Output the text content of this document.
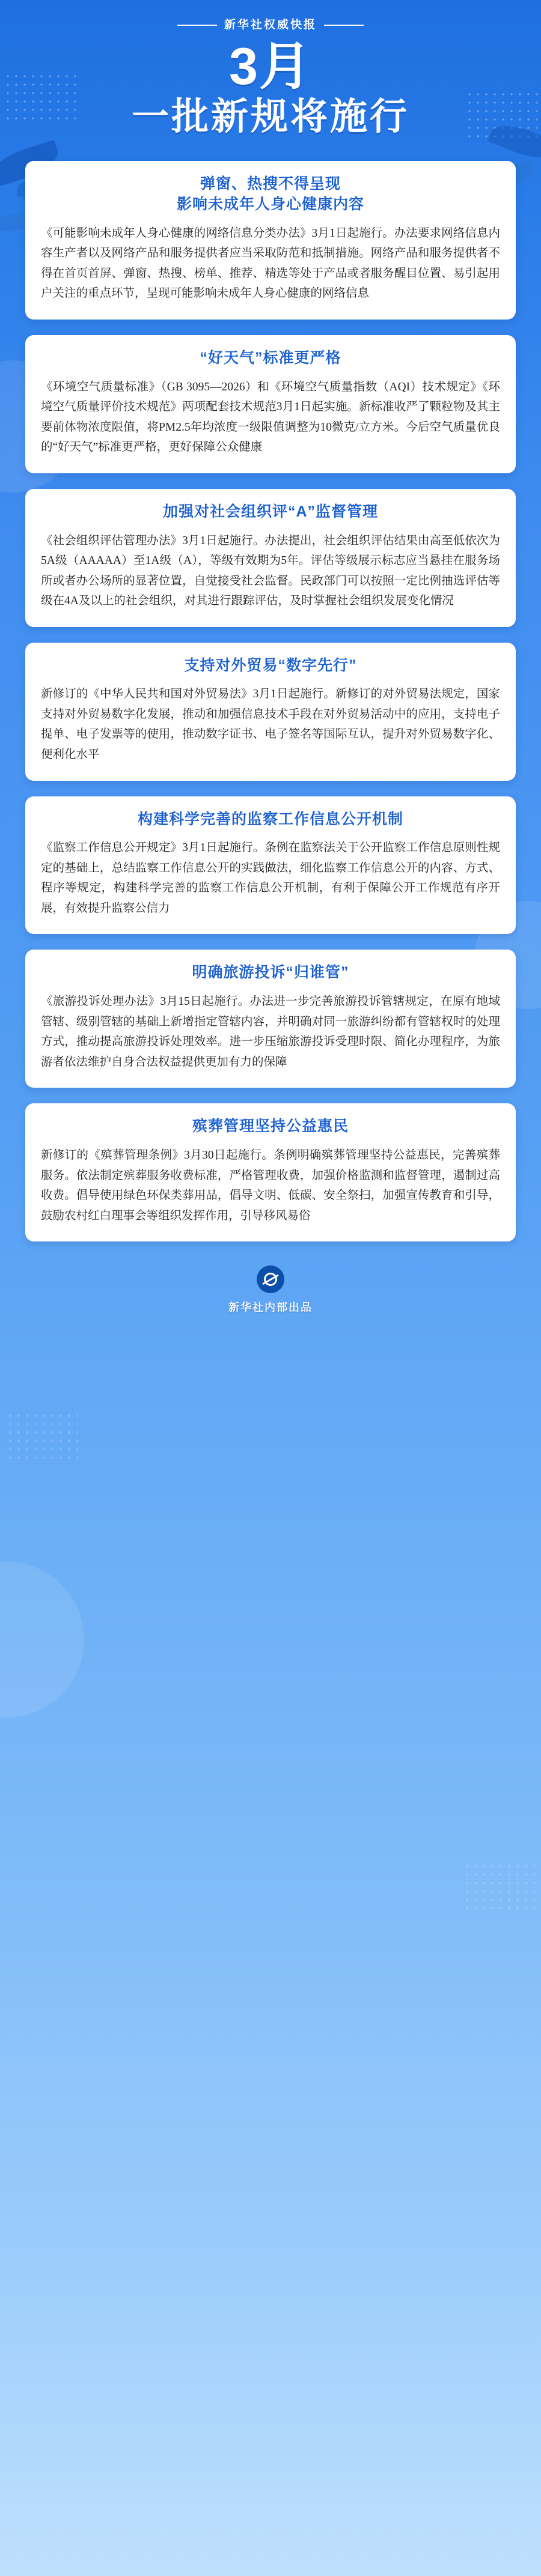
新华社权威快报
3月
一批新规将施行
弹窗、热搜不得呈现
影响未成年人身心健康内容
《可能影响未成年人身心健康的网络信息分类办法》3月1日起施行。办法要求网络信息内容生产者以及网络产品和服务提供者应当采取防范和抵制措施。网络产品和服务提供者不得在首页首屏、弹窗、热搜、榜单、推荐、精选等处于产品或者服务醒目位置、易引起用户关注的重点环节，呈现可能影响未成年人身心健康的网络信息
“好天气”标准更严格
《环境空气质量标准》（GB 3095—2026）和《环境空气质量指数（AQI）技术规定》《环境空气质量评价技术规范》两项配套技术规范3月1日起实施。新标准收严了颗粒物及其主要前体物浓度限值，将PM2.5年均浓度一级限值调整为10微克/立方米。今后空气质量优良的“好天气”标准更严格，更好保障公众健康
加强对社会组织评“A”监督管理
《社会组织评估管理办法》3月1日起施行。办法提出，社会组织评估结果由高至低依次为5A级（AAAAA）至1A级（A），等级有效期为5年。评估等级展示标志应当悬挂在服务场所或者办公场所的显著位置，自觉接受社会监督。民政部门可以按照一定比例抽选评估等级在4A及以上的社会组织，对其进行跟踪评估，及时掌握社会组织发展变化情况
支持对外贸易“数字先行”
新修订的《中华人民共和国对外贸易法》3月1日起施行。新修订的对外贸易法规定，国家支持对外贸易数字化发展，推动和加强信息技术手段在对外贸易活动中的应用，支持电子提单、电子发票等的使用，推动数字证书、电子签名等国际互认，提升对外贸易数字化、便利化水平
构建科学完善的监察工作信息公开机制
《监察工作信息公开规定》3月1日起施行。条例在监察法关于公开监察工作信息原则性规定的基础上，总结监察工作信息公开的实践做法，细化监察工作信息公开的内容、方式、程序等规定，构建科学完善的监察工作信息公开机制，有利于保障公开工作规范有序开展，有效提升监察公信力
明确旅游投诉“归谁管”
《旅游投诉处理办法》3月15日起施行。办法进一步完善旅游投诉管辖规定，在原有地域管辖、级别管辖的基础上新增指定管辖内容，并明确对同一旅游纠纷都有管辖权时的处理方式，推动提高旅游投诉处理效率。进一步压缩旅游投诉受理时限、简化办理程序，为旅游者依法维护自身合法权益提供更加有力的保障
殡葬管理坚持公益惠民
新修订的《殡葬管理条例》3月30日起施行。条例明确殡葬管理坚持公益惠民，完善殡葬服务。依法制定殡葬服务收费标准，严格管理收费，加强价格监测和监督管理，遏制过高收费。倡导使用绿色环保类葬用品，倡导文明、低碳、安全祭扫，加强宣传教育和引导，鼓励农村红白理事会等组织发挥作用，引导移风易俗
新华社内部出品
